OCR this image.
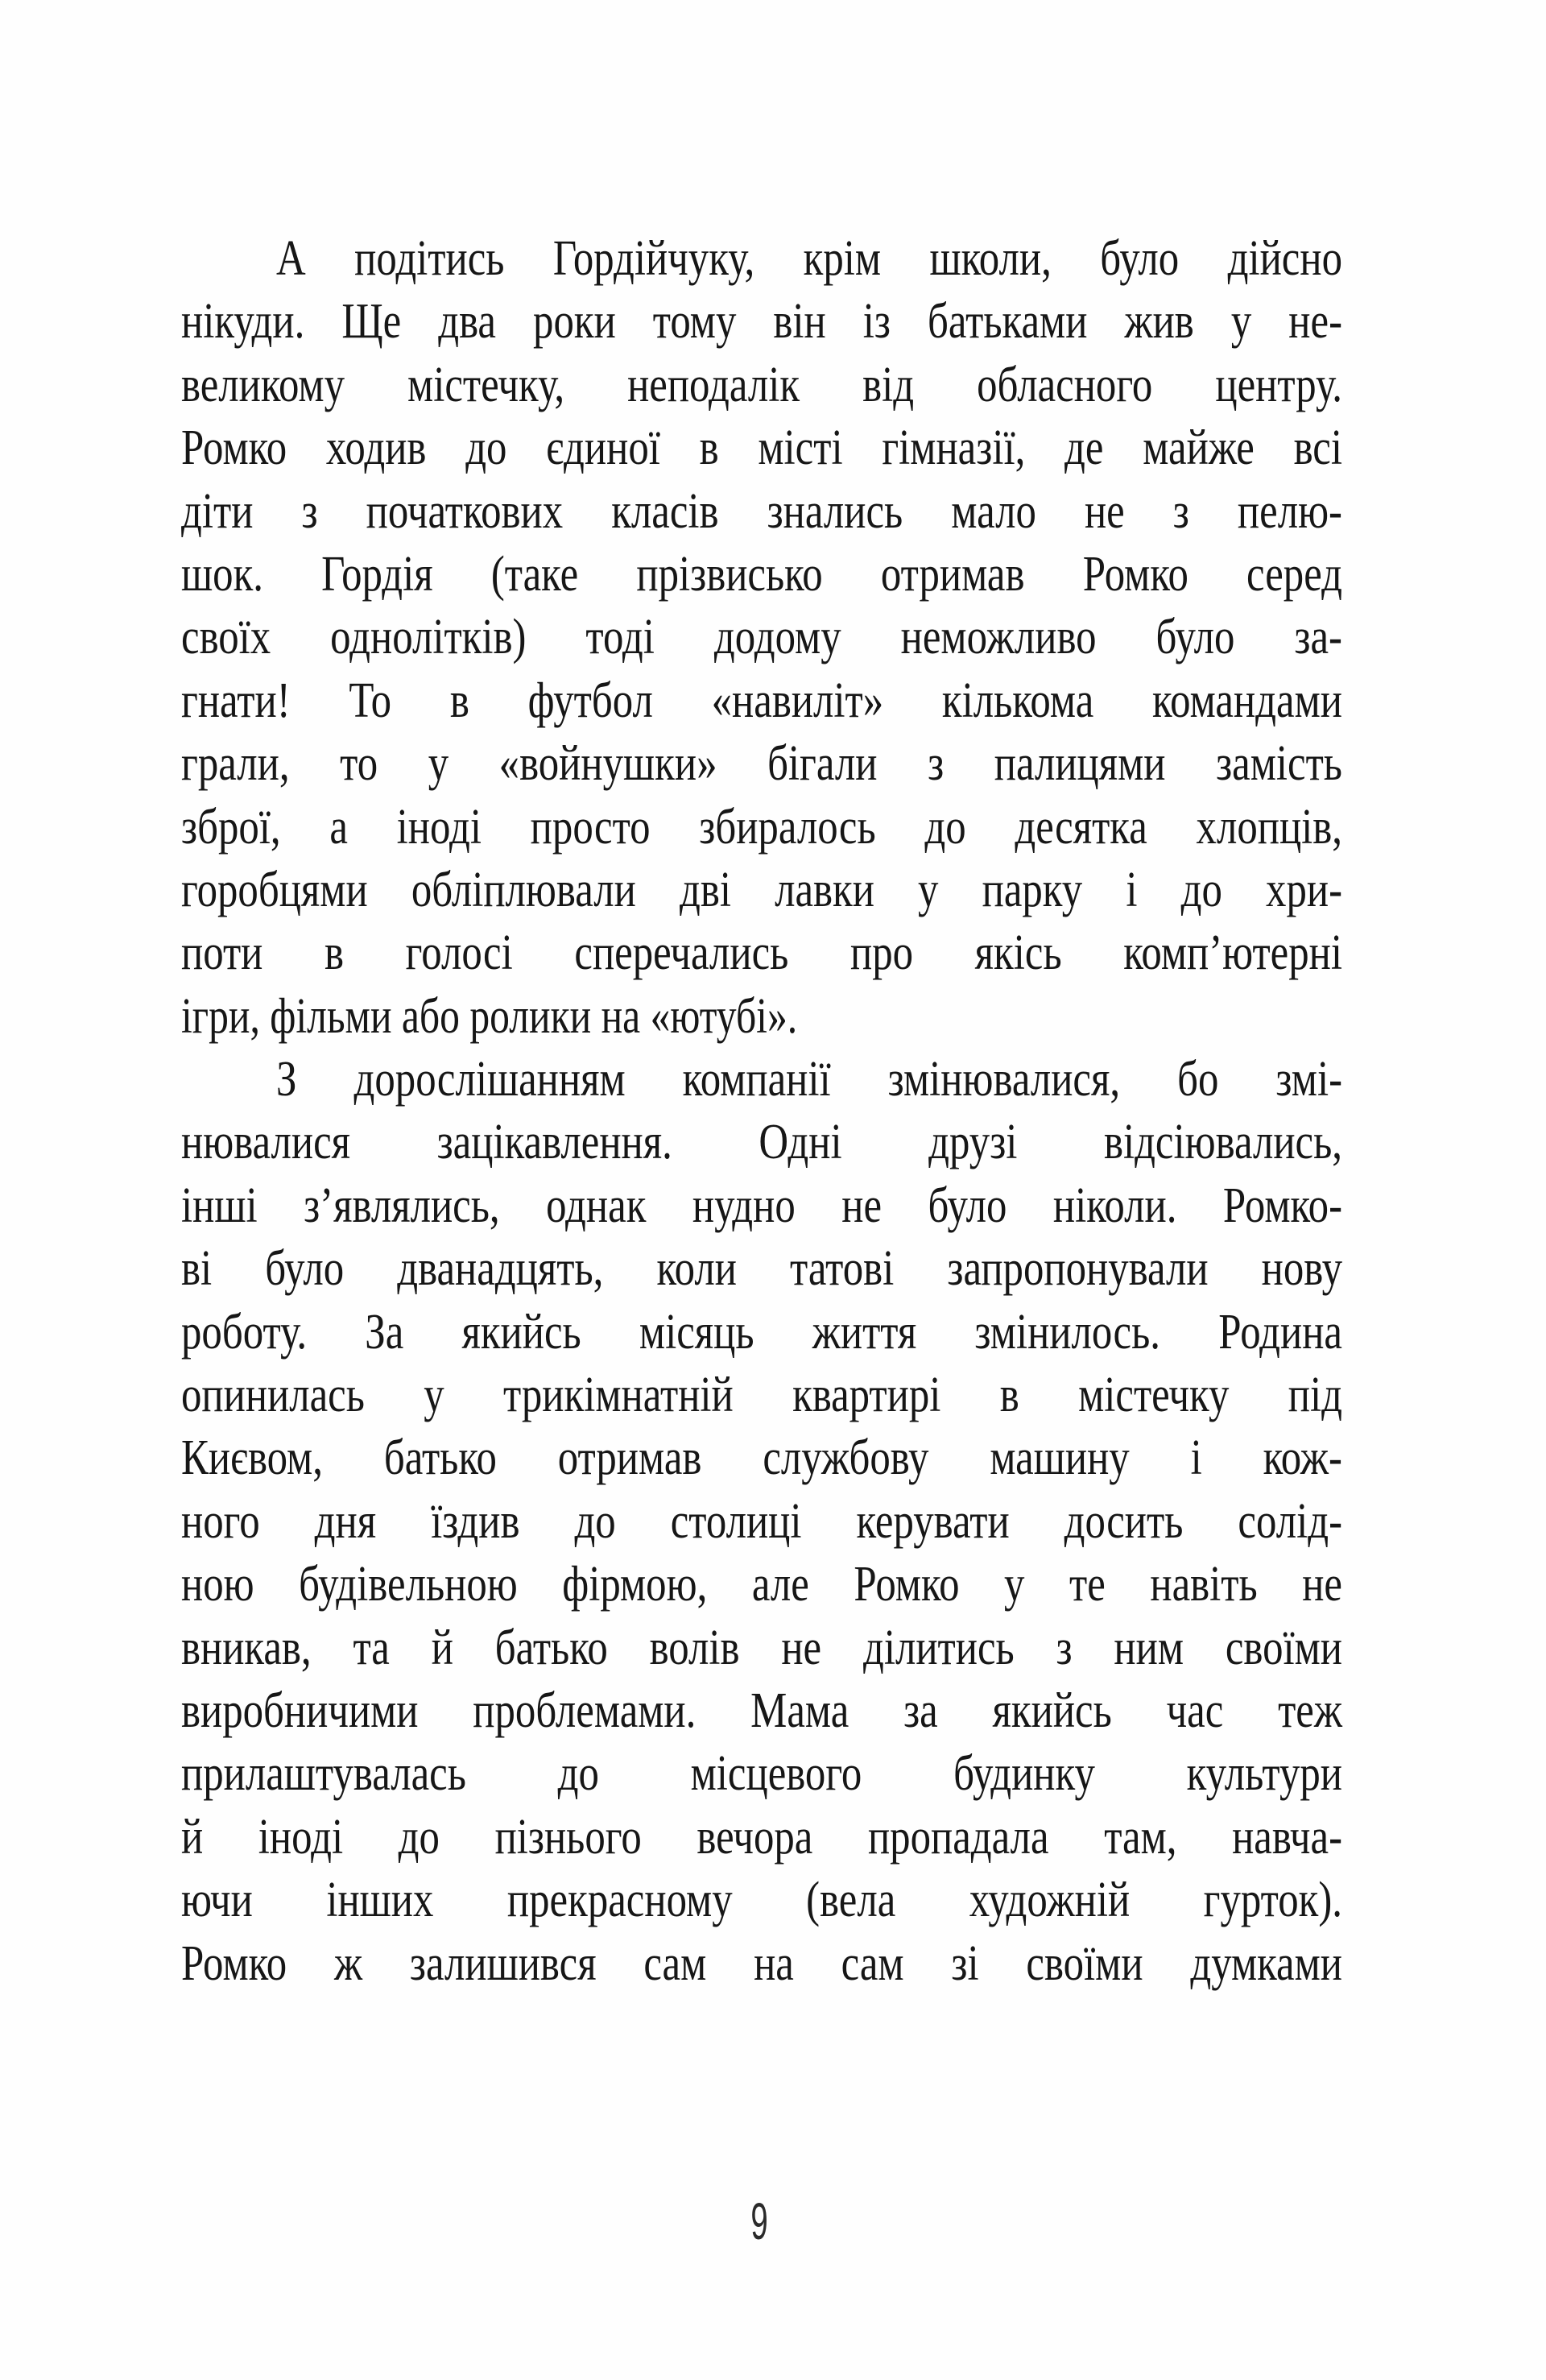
А подітись Гордійчуку, крім школи, було дійсно
нікуди. Ще два роки тому він із батьками жив у не-
великому містечку, неподалік від обласного центру.
Ромко ходив до єдиної в місті гімназії, де майже всі
діти з початкових класів знались мало не з пелю-
шок. Гордія (таке прізвисько отримав Ромко серед
своїх однолітків) тоді додому неможливо було за-
гнати! То в футбол «навиліт» кількома командами
грали, то у «войнушки» бігали з палицями замість
зброї, а іноді просто збиралось до десятка хлопців,
горобцями обліплювали дві лавки у парку і до хри-
поти в голосі сперечались про якісь комп’ютерні
ігри, фільми або ролики на «ютубі».
З дорослішанням компанії змінювалися, бо змі-
нювалися зацікавлення. Одні друзі відсіювались,
інші з’являлись, однак нудно не було ніколи. Ромко-
ві було дванадцять, коли татові запропонували нову
роботу. За якийсь місяць життя змінилось. Родина
опинилась у трикімнатній квартирі в містечку під
Києвом, батько отримав службову машину і кож-
ного дня їздив до столиці керувати досить солід-
ною будівельною фірмою, але Ромко у те навіть не
вникав, та й батько волів не ділитись з ним своїми
виробничими проблемами. Мама за якийсь час теж
прилаштувалась до місцевого будинку культури
й іноді до пізнього вечора пропадала там, навча-
ючи інших прекрасному (вела художній гурток).
Ромко ж залишився сам на сам зі своїми думками
9
